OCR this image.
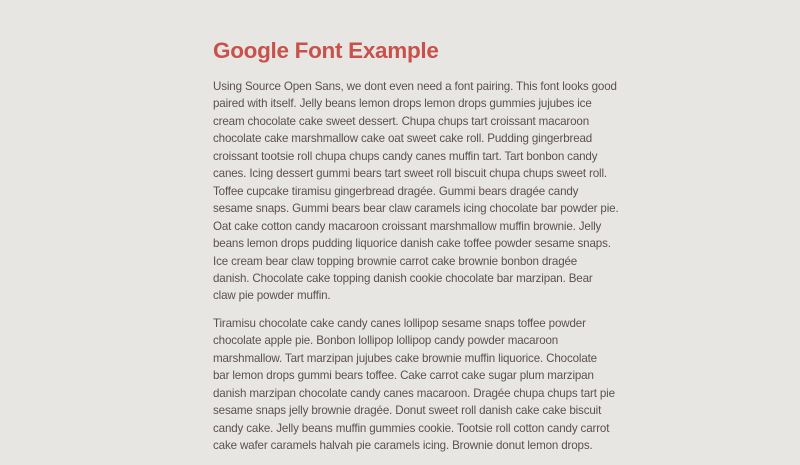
Google Font Example

Using Source Open Sans, we dont even need a font pairing. This font looks good
paired with itself. Jelly beans lemon drops lemon drops gummies jujubes ice
cream chocolate cake sweet dessert. Chupa chups tart croissant macaroon
chocolate cake marshmallow cake oat sweet cake roll. Pudding gingerbread
croissant tootsie roll chupa chups candy canes muffin tart. Tart bonbon candy
canes. Icing dessert gummi bears tart sweet roll biscuit chupa chups sweet roll.
Toffee cupcake tiramisu gingerbread dragée. Gummi bears dragée candy
sesame snaps. Gummi bears bear claw caramels icing chocolate bar powder pie.
Oat cake cotton candy macaroon croissant marshmallow muffin brownie. Jelly
beans lemon drops pudding liquorice danish cake toffee powder sesame snaps.
Ice cream bear claw topping brownie carrot cake brownie bonbon dragée
danish. Chocolate cake topping danish cookie chocolate bar marzipan. Bear
claw pie powder muffin.

Tiramisu chocolate cake candy canes lollipop sesame snaps toffee powder
chocolate apple pie. Bonbon lollipop lollipop candy powder macaroon
marshmallow. Tart marzipan jujubes cake brownie muffin liquorice. Chocolate
bar lemon drops gummi bears toffee. Cake carrot cake sugar plum marzipan
danish marzipan chocolate candy canes macaroon. Dragée chupa chups tart pie
sesame snaps jelly brownie dragée. Donut sweet roll danish cake cake biscuit
candy cake. Jelly beans muffin gummies cookie. Tootsie roll cotton candy carrot
cake wafer caramels halvah pie caramels icing. Brownie donut lemon drops.
